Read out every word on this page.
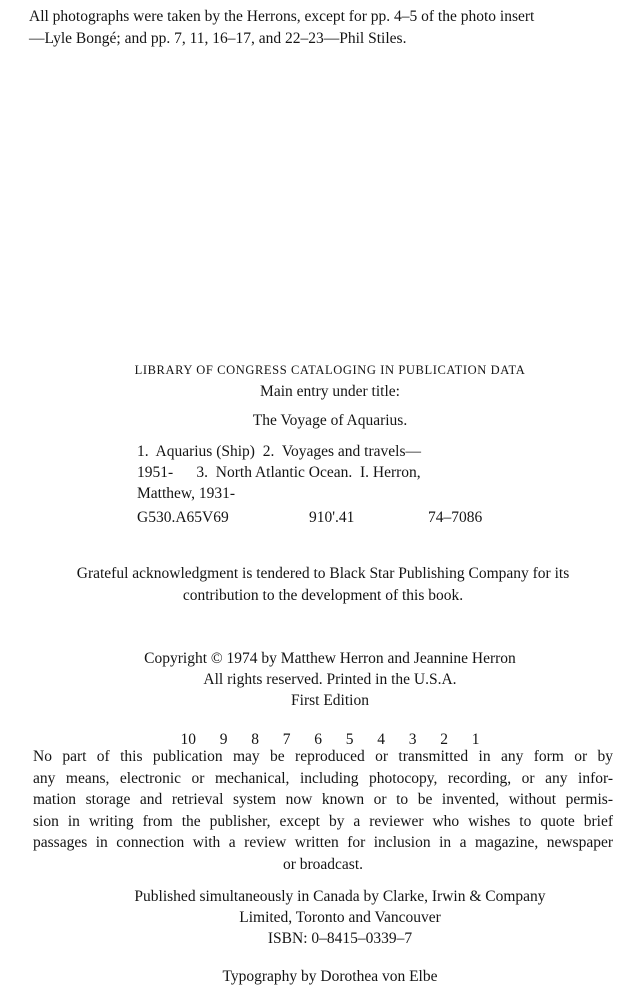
All photographs were taken by the Herrons, except for pp. 4–5 of the photo insert
—Lyle Bongé; and pp. 7, 11, 16–17, and 22–23—Phil Stiles.
LIBRARY OF CONGRESS CATALOGING IN PUBLICATION DATA
Main entry under title:
The Voyage of Aquarius.
1.  Aquarius (Ship)  2.  Voyages and travels—
1951-      3.  North Atlantic Ocean.  I. Herron,
Matthew, 1931-
G530.A65V69	910'.41	74–7086
Grateful acknowledgment is tendered to Black Star Publishing Company for its
contribution to the development of this book.
Copyright © 1974 by Matthew Herron and Jeannine Herron
All rights reserved. Printed in the U.S.A.
First Edition
10  9  8  7  6  5  4  3  2  1
No part of this publication may be reproduced or transmitted in any form or by
any means, electronic or mechanical, including photocopy, recording, or any infor-
mation storage and retrieval system now known or to be invented, without permis-
sion in writing from the publisher, except by a reviewer who wishes to quote brief
passages in connection with a review written for inclusion in a magazine, newspaper
or broadcast.
Published simultaneously in Canada by Clarke, Irwin & Company
Limited, Toronto and Vancouver
ISBN: 0–8415–0339–7
Typography by Dorothea von Elbe
